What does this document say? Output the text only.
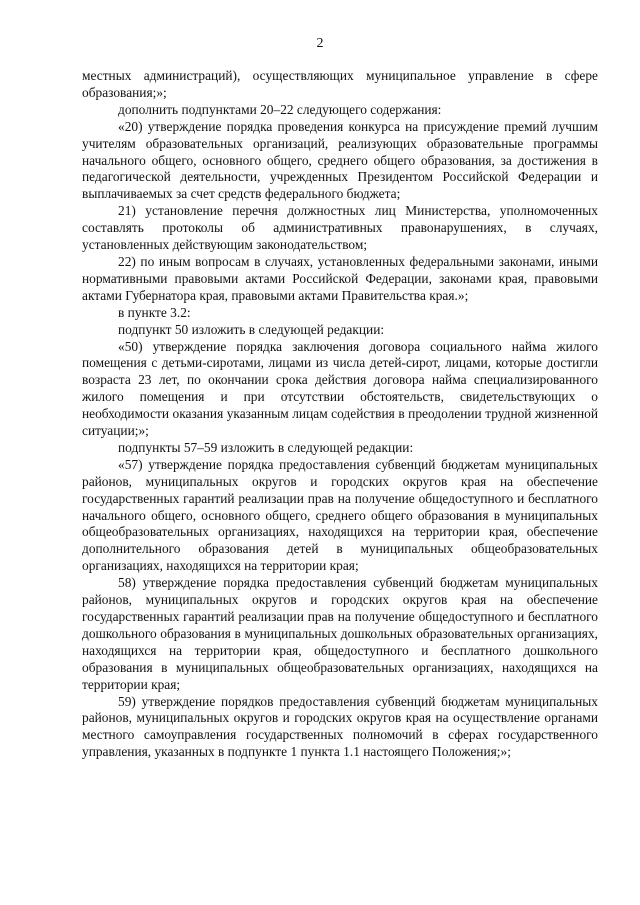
2

местных администраций), осуществляющих муниципальное управление в сфере образования;»;

дополнить подпунктами 20–22 следующего содержания:

«20) утверждение порядка проведения конкурса на присуждение премий лучшим учителям образовательных организаций, реализующих образовательные программы начального общего, основного общего, среднего общего образования, за достижения в педагогической деятельности, учрежденных Президентом Российской Федерации и выплачиваемых за счет средств федерального бюджета;

21) установление перечня должностных лиц Министерства, уполномоченных составлять протоколы об административных правонарушениях, в случаях, установленных действующим законодательством;

22) по иным вопросам в случаях, установленных федеральными законами, иными нормативными правовыми актами Российской Федерации, законами края, правовыми актами Губернатора края, правовыми актами Правительства края.»;

в пункте 3.2:

подпункт 50 изложить в следующей редакции:

«50) утверждение порядка заключения договора социального найма жилого помещения с детьми-сиротами, лицами из числа детей-сирот, лицами, которые достигли возраста 23 лет, по окончании срока действия договора найма специализированного жилого помещения и при отсутствии обстоятельств, свидетельствующих о необходимости оказания указанным лицам содействия в преодолении трудной жизненной ситуации;»;

подпункты 57–59 изложить в следующей редакции:

«57) утверждение порядка предоставления субвенций бюджетам муниципальных районов, муниципальных округов и городских округов края на обеспечение государственных гарантий реализации прав на получение общедоступного и бесплатного начального общего, основного общего, среднего общего образования в муниципальных общеобразовательных организациях, находящихся на территории края, обеспечение дополнительного образования детей в муниципальных общеобразовательных организациях, находящихся на территории края;

58) утверждение порядка предоставления субвенций бюджетам муниципальных районов, муниципальных округов и городских округов края на обеспечение государственных гарантий реализации прав на получение общедоступного и бесплатного дошкольного образования в муниципальных дошкольных образовательных организациях, находящихся на территории края, общедоступного и бесплатного дошкольного образования в муниципальных общеобразовательных организациях, находящихся на территории края;

59) утверждение порядков предоставления субвенций бюджетам муниципальных районов, муниципальных округов и городских округов края на осуществление органами местного самоуправления государственных полномочий в сферах государственного управления, указанных в подпункте 1 пункта 1.1 настоящего Положения;»;
